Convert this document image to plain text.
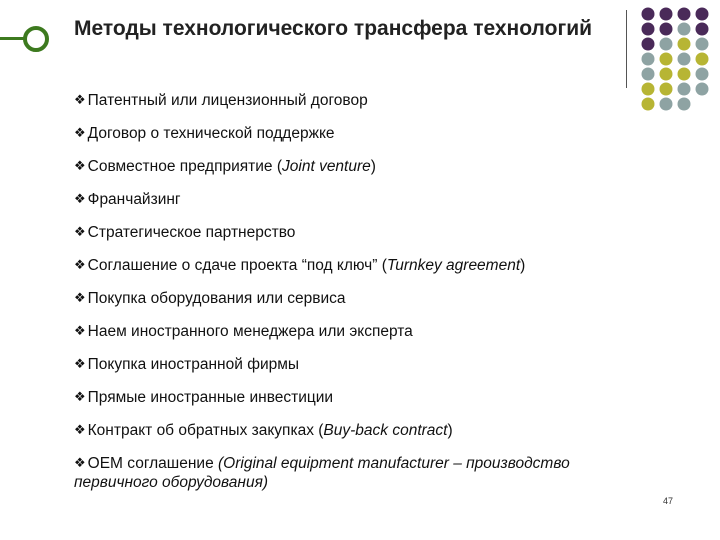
Методы технологического трансфера технологий
❖ Патентный или лицензионный договор
❖ Договор о технической поддержке
❖ Совместное предприятие (Joint venture)
❖ Франчайзинг
❖ Стратегическое партнерство
❖ Соглашение о сдаче проекта “под ключ” (Turnkey agreement)
❖ Покупка оборудования или сервиса
❖ Наем иностранного менеджера или эксперта
❖ Покупка иностранной фирмы
❖ Прямые иностранные инвестиции
❖ Контракт об обратных закупках (Buy-back contract)
❖ OEM соглашение (Original equipment manufacturer – производство первичного оборудования)
47
